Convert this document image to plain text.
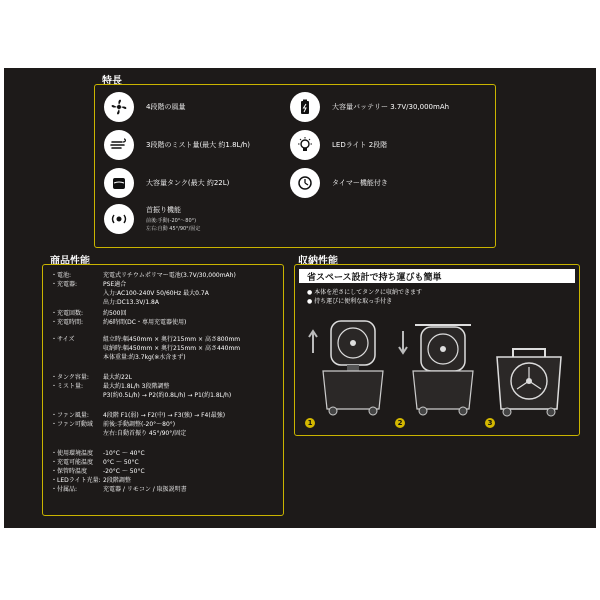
特長
4段階の風量
3段階のミスト量(最大 約1.8L/h)
大容量タンク(最大 約22L)
首振り機能
前後:手動(-20°〜80°)
左右:自動 45°/90°/固定
大容量バッテリー 3.7V/30,000mAh
LEDライト 2段階
タイマー機能付き
商品性能
・電池:	充電式リチウムポリマー電池(3.7V/30,000mAh)
・充電器:	PSE適合
入力:AC100-240V 50/60Hz 最大0.7A
出力:DC13.3V/1.8A
・充電回数:	約500回
・充電時間:	約6時間(DC・専用充電器使用)
・サイズ	組立時:幅450mm × 奥行215mm × 高さ800mm
収納時:幅450mm × 奥行215mm × 高さ440mm
本体重量:約3.7kg(※水含まず)
・タンク容量: 最大約22L
・ミスト量:	最大約1.8L/h 3段階調整
P3(約0.5L/h) → P2(約0.8L/h) → P1(約1.8L/h)
・ファン風量: 4段階 F1(弱) → F2(中) → F3(強) → F4(最強)
・ファン可動域 前後:手動調整(-20°〜80°)
左右:自動首振り 45°/90°/固定
・使用環境温度 -10°C 〜 40°C
・充電可能温度 0°C 〜 50°C
・保管時温度	-20°C 〜 50°C
・LEDライト光量: 2段階調整
・付属品:	充電器 / リモコン / 取扱説明書
収納性能
省スペース設計で持ち運びも簡単
● 本体を逆さにしてタンクに収納できます
● 持ち運びに便利な取っ手付き
1	2	3
